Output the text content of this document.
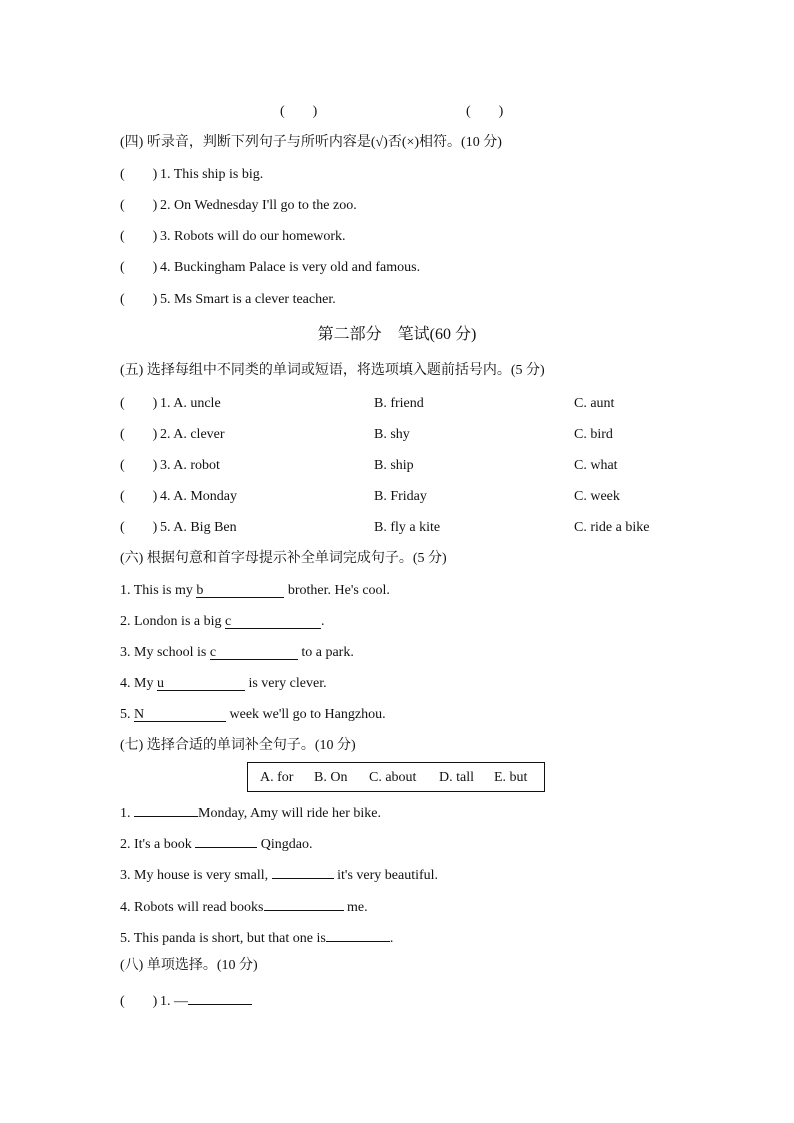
(　　)	(　　)
(四) 听录音，判断下列句子与所听内容是(√)否(×)相符。(10 分)
(　　) 1. This ship is big.
(　　) 2. On Wednesday I'll go to the zoo.
(　　) 3. Robots will do our homework.
(　　) 4. Buckingham Palace is very old and famous.
(　　) 5. Ms Smart is a clever teacher.
第二部分　笔试(60 分)
(五) 选择每组中不同类的单词或短语，将选项填入题前括号内。(5 分)
(　　) 1. A. uncle	B. friend	C. aunt
(　　) 2. A. clever	B. shy	C. bird
(　　) 3. A. robot	B. ship	C. what
(　　) 4. A. Monday	B. Friday	C. week
(　　) 5. A. Big Ben	B. fly a kite	C. ride a bike
(六) 根据句意和首字母提示补全单词完成句子。(5 分)
1. This is my b	brother. He's cool.
2. London is a big c	.
3. My school is c	to a park.
4. My u	is very clever.
5. N	week we'll go to Hangzhou.
(七) 选择合适的单词补全句子。(10 分)
A. for B. On C. about D. tall E. but
1.	Monday, Amy will ride her bike.
2. It's a book	Qingdao.
3. My house is very small,	it's very beautiful.
4. Robots will read books	me.
5. This panda is short, but that one is	.
(八) 单项选择。(10 分)
(　　) 1. —
